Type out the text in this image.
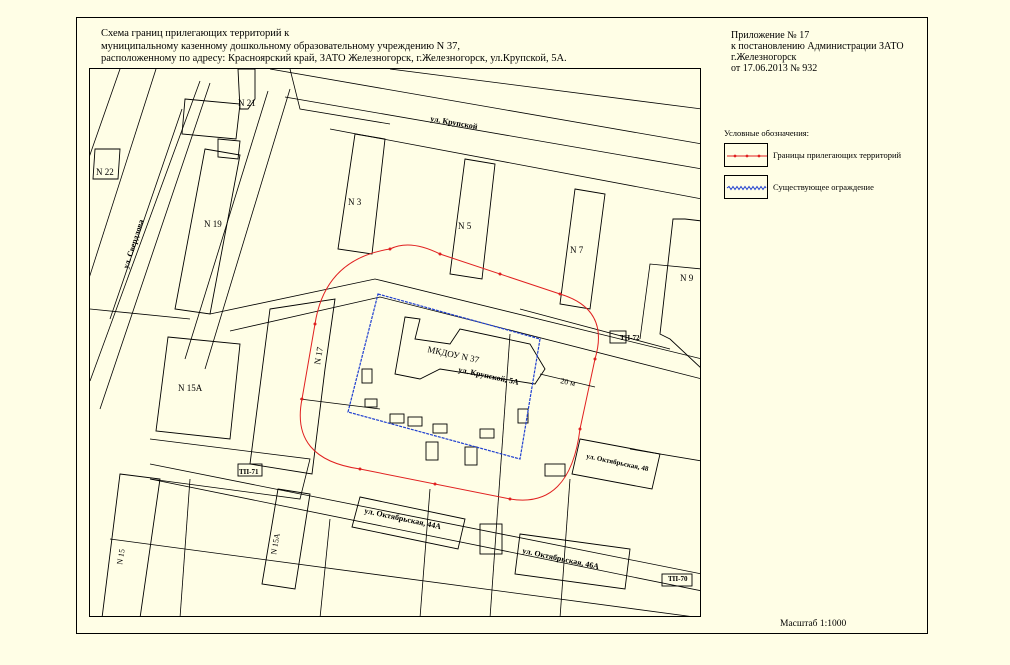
Схема границ прилегающих территорий к
муниципальному казенному дошкольному образовательному учреждению N 37,
расположенному по адресу: Красноярский край, ЗАТО Железногорск, г.Железногорск, ул.Крупской, 5А.
Приложение № 17
к постановлению Администрации ЗАТО
г.Железногорск
от 17.06.2013 № 932
Условные обозначения:
Границы прилегающих территорий
Существующее ограждение
Масштаб 1:1000
ул. Крупской
ул. Свердлова
N 21
N 22
N 19
N 3
N 5
N 7
N 9
N 17
N 15A
N 15
N 15A
МКДОУ N 37
ул. Крупской, 5А	20 м
ул. Октябрьская, 44А
ул. Октябрьская, 46А
ул. Октябрьская, 48
ТП-71
ТП-72
ТП-70
